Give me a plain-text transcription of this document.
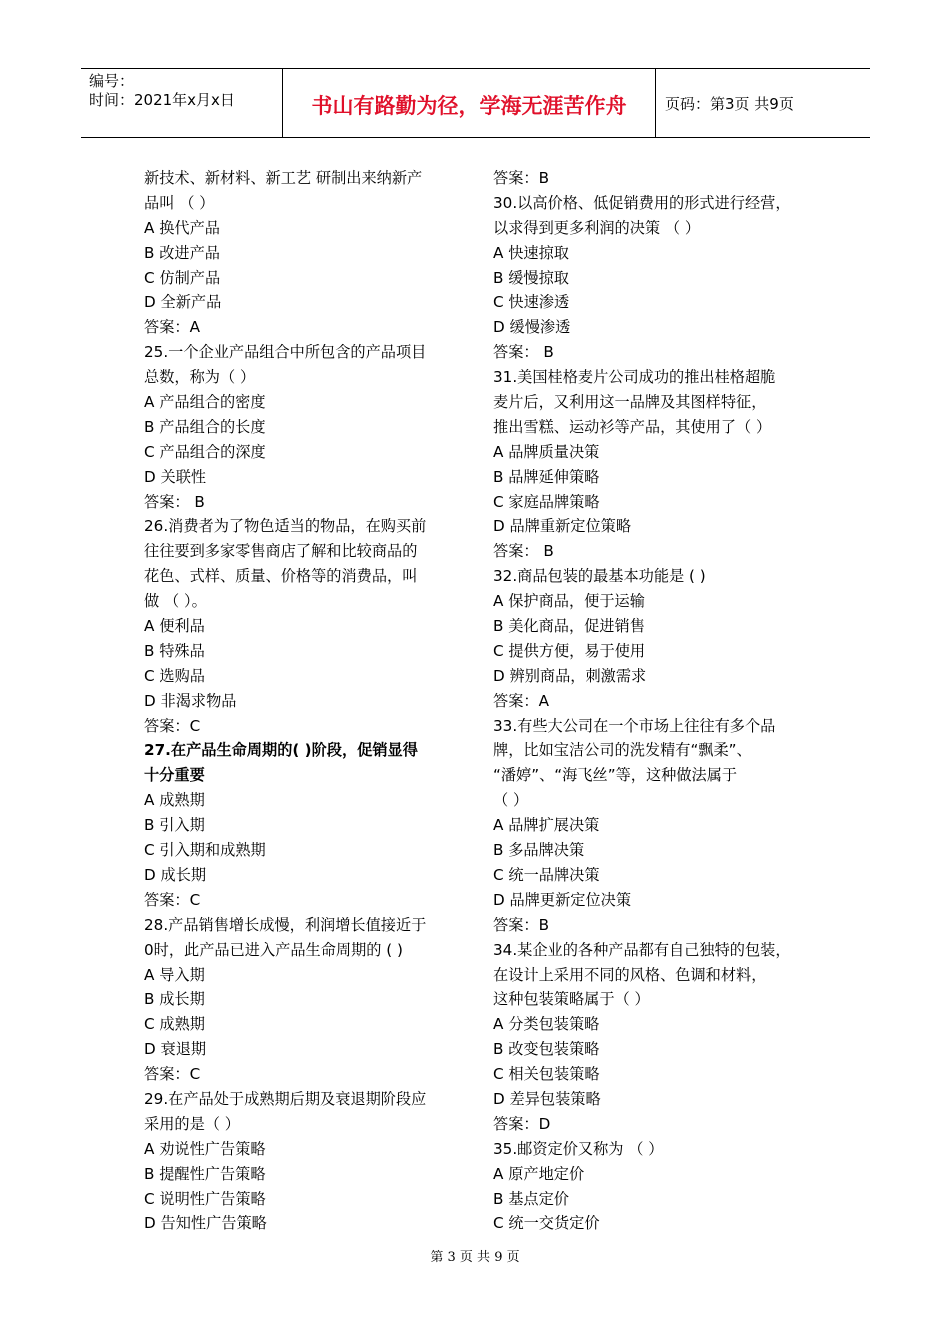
编号：
时间：2021年x月x日	书山有路勤为径，学海无涯苦作舟	页码：第3页 共9页
新技术、新材料、新工艺 研制出来纳新产
品叫 （ ）
A 换代产品
B 改进产品
C 仿制产品
D 全新产品
答案：A
25.一个企业产品组合中所包含的产品项目
总数，称为（ ）
A 产品组合的密度
B 产品组合的长度
C 产品组合的深度
D 关联性
答案： B
26.消费者为了物色适当的物品，在购买前
往往要到多家零售商店了解和比较商品的
花色、式样、质量、价格等的消费品，叫
做 （ ）。
A 便利品
B 特殊品
C 选购品
D 非渴求物品
答案：C
27.在产品生命周期的( )阶段，促销显得
十分重要
A 成熟期
B 引入期
C 引入期和成熟期
D 成长期
答案：C
28.产品销售增长成慢，利润增长值接近于
0时，此产品已进入产品生命周期的 ( )
A 导入期
B 成长期
C 成熟期
D 衰退期
答案：C
29.在产品处于成熟期后期及衰退期阶段应
采用的是（ ）
A 劝说性广告策略
B 提醒性广告策略
C 说明性广告策略
D 告知性广告策略
答案：B
30.以高价格、低促销费用的形式进行经营，
以求得到更多利润的决策 （ ）
A 快速掠取
B 缓慢掠取
C 快速渗透
D 缓慢渗透
答案： B
31.美国桂格麦片公司成功的推出桂格超脆
麦片后，又利用这一品牌及其图样特征，
推出雪糕、运动衫等产品，其使用了（ ）
A 品牌质量决策
B 品牌延伸策略
C 家庭品牌策略
D 品牌重新定位策略
答案： B
32.商品包装的最基本功能是 ( )
A 保护商品，便于运输
B 美化商品，促进销售
C 提供方便，易于使用
D 辨别商品，刺激需求
答案：A
33.有些大公司在一个市场上往往有多个品
牌，比如宝洁公司的洗发精有“飘柔”、
“潘婷”、“海飞丝”等，这种做法属于
（ ）
A 品牌扩展决策
B 多品牌决策
C 统一品牌决策
D 品牌更新定位决策
答案：B
34.某企业的各种产品都有自己独特的包装，
在设计上采用不同的风格、色调和材料，
这种包装策略属于（ ）
A 分类包装策略
B 改变包装策略
C 相关包装策略
D 差异包装策略
答案：D
35.邮资定价又称为 （ ）
A 原产地定价
B 基点定价
C 统一交货定价
第 3 页 共 9 页
